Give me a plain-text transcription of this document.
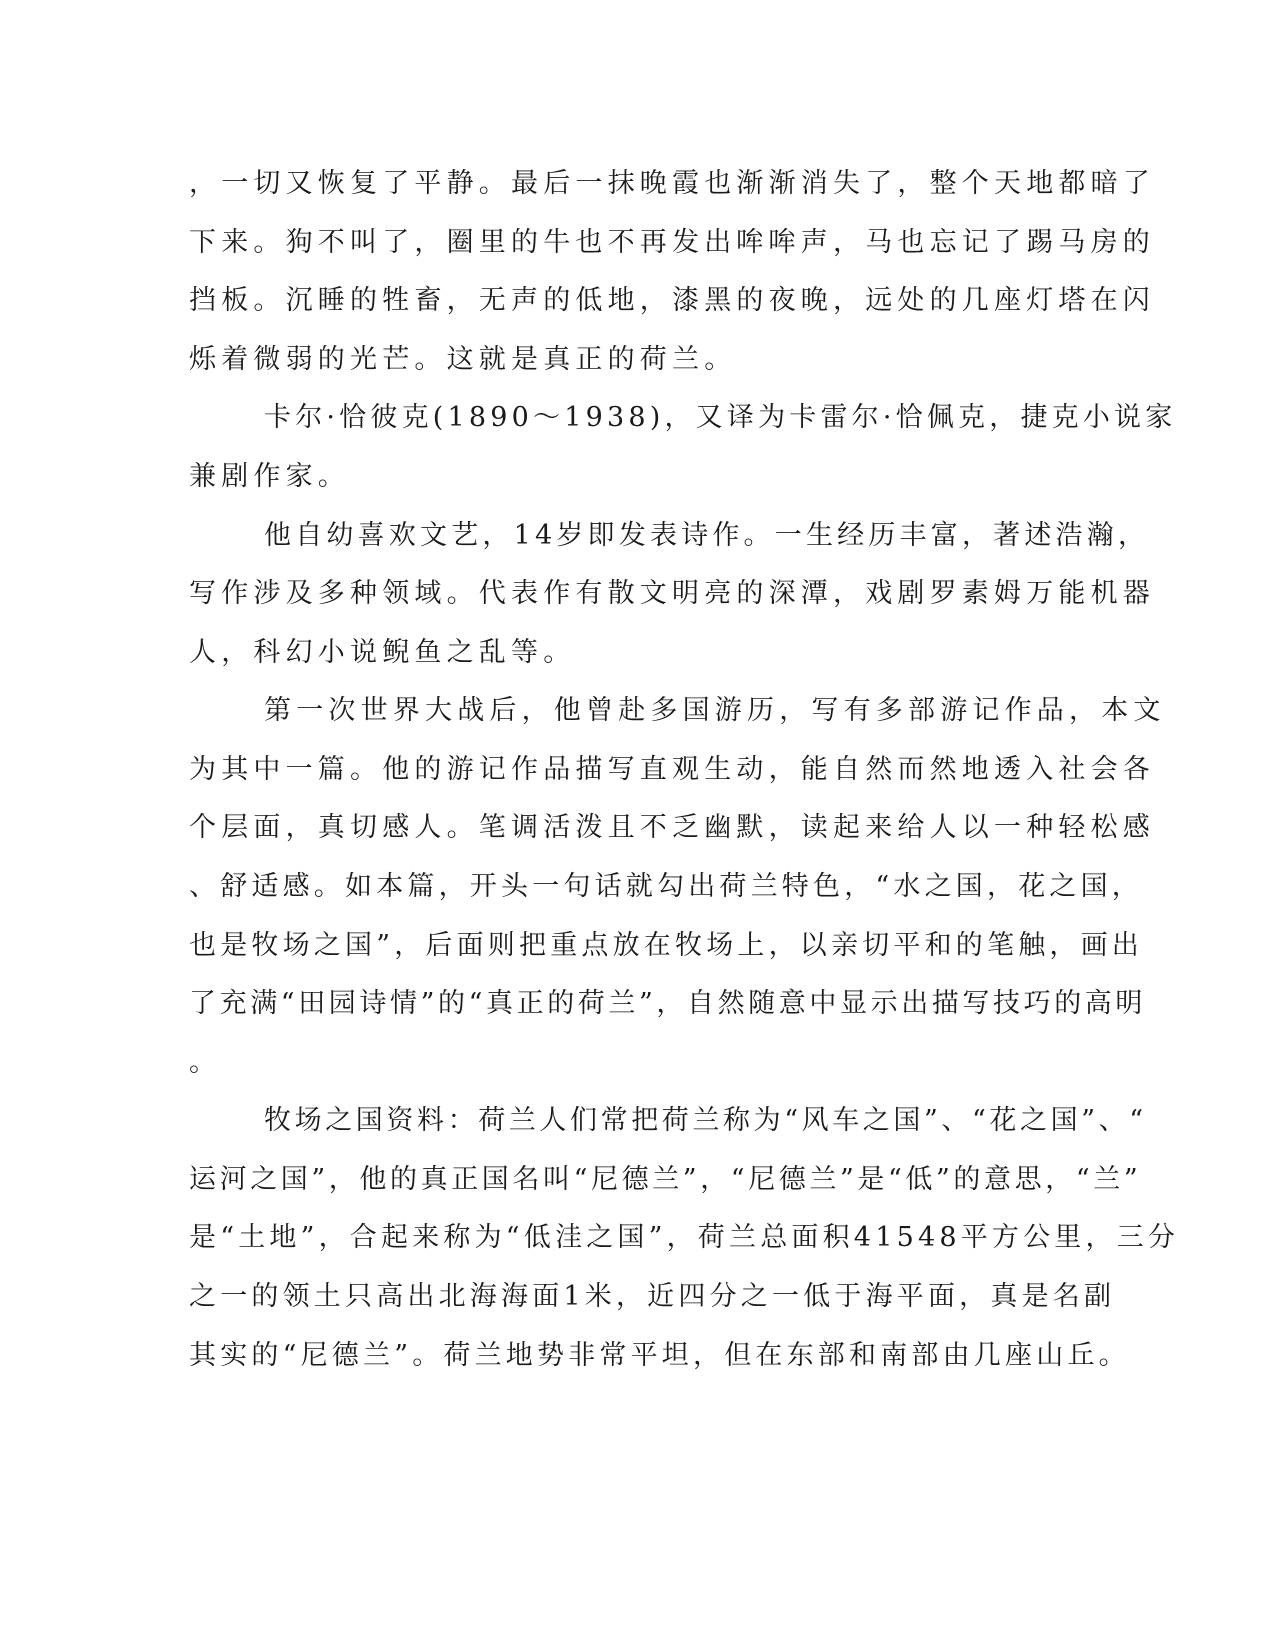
，一切又恢复了平静。最后一抹晚霞也渐渐消失了，整个天地都暗了
下来。狗不叫了，圈里的牛也不再发出哞哞声，马也忘记了踢马房的
挡板。沉睡的牲畜，无声的低地，漆黑的夜晚，远处的几座灯塔在闪
烁着微弱的光芒。这就是真正的荷兰。
卡尔·恰彼克(1890～1938)，又译为卡雷尔·恰佩克，捷克小说家
兼剧作家。
他自幼喜欢文艺，14岁即发表诗作。一生经历丰富，著述浩瀚，
写作涉及多种领域。代表作有散文明亮的深潭，戏剧罗素姆万能机器
人，科幻小说鲵鱼之乱等。
第一次世界大战后，他曾赴多国游历，写有多部游记作品，本文
为其中一篇。他的游记作品描写直观生动，能自然而然地透入社会各
个层面，真切感人。笔调活泼且不乏幽默，读起来给人以一种轻松感
、舒适感。如本篇，开头一句话就勾出荷兰特色，“水之国，花之国，
也是牧场之国”，后面则把重点放在牧场上，以亲切平和的笔触，画出
了充满“田园诗情”的“真正的荷兰”，自然随意中显示出描写技巧的高明
。
牧场之国资料：荷兰人们常把荷兰称为“风车之国”、“花之国”、“
运河之国”，他的真正国名叫“尼德兰”，“尼德兰”是“低”的意思，“兰”
是“土地”，合起来称为“低洼之国”，荷兰总面积41548平方公里，三分
之一的领土只高出北海海面1米，近四分之一低于海平面，真是名副
其实的“尼德兰”。荷兰地势非常平坦，但在东部和南部由几座山丘。
